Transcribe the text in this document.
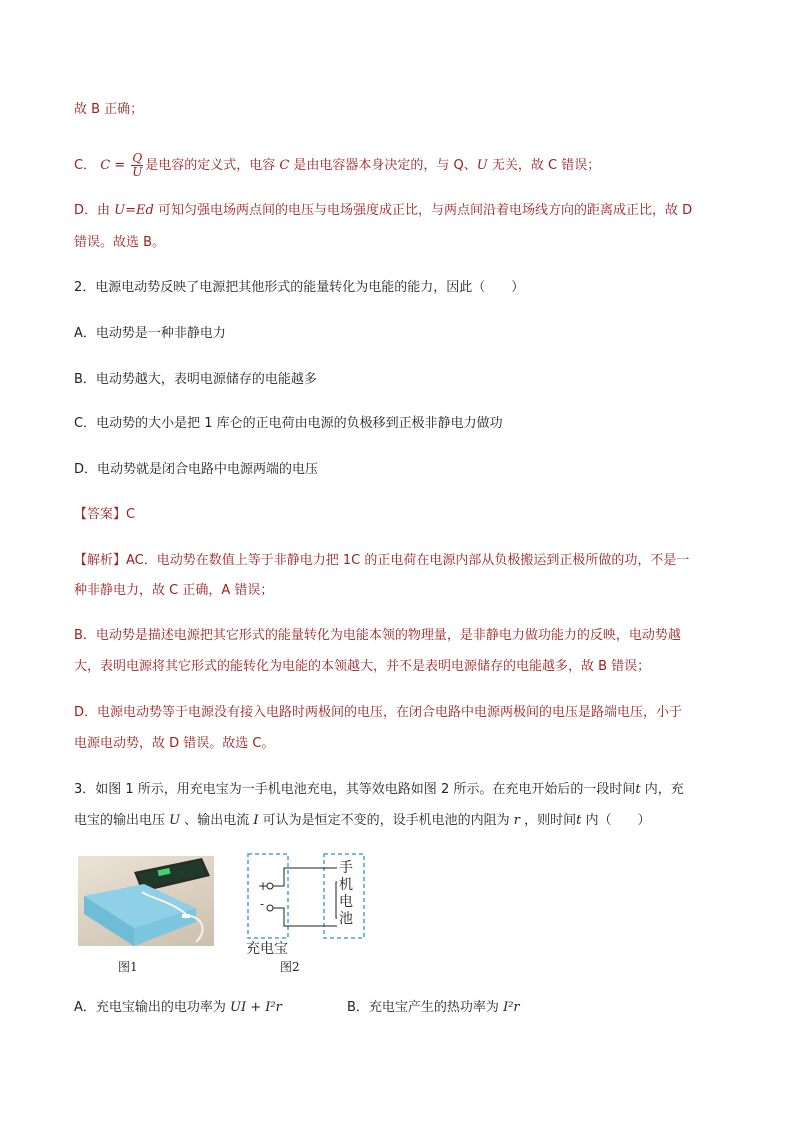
故 B 正确；
C． $C = \frac{Q}{U}$ 是电容的定义式，电容 C 是由电容器本身决定的，与 Q、U 无关，故 C 错误；
D．由 U=Ed 可知匀强电场两点间的电压与电场强度成正比，与两点间沿着电场线方向的距离成正比，故 D
错误。故选 B。
2．电源电动势反映了电源把其他形式的能量转化为电能的能力，因此（　　）
A．电动势是一种非静电力
B．电动势越大，表明电源储存的电能越多
C．电动势的大小是把 1 库仑的正电荷由电源的负极移到正极非静电力做功
D．电动势就是闭合电路中电源两端的电压
【答案】C
【解析】AC．电动势在数值上等于非静电力把 1C 的正电荷在电源内部从负极搬运到正极所做的功，不是一
种非静电力，故 C 正确，A 错误；
B．电动势是描述电源把其它形式的能量转化为电能本领的物理量，是非静电力做功能力的反映，电动势越
大，表明电源将其它形式的能转化为电能的本领越大，并不是表明电源储存的电能越多，故 B 错误；
D．电源电动势等于电源没有接入电路时两极间的电压，在闭合电路中电源两极间的电压是路端电压，小于
电源电动势，故 D 错误。故选 C。
3．如图 1 所示，用充电宝为一手机电池充电，其等效电路如图 2 所示。在充电开始后的一段时间t 内，充
电宝的输出电压 U 、输出电流 I 可认为是恒定不变的，设手机电池的内阻为 r ，则时间t 内（　　）
图1
+
-
手
机
电
池
充电宝
图2
A．充电宝输出的电功率为 UI + I²r	B．充电宝产生的热功率为 I²r
